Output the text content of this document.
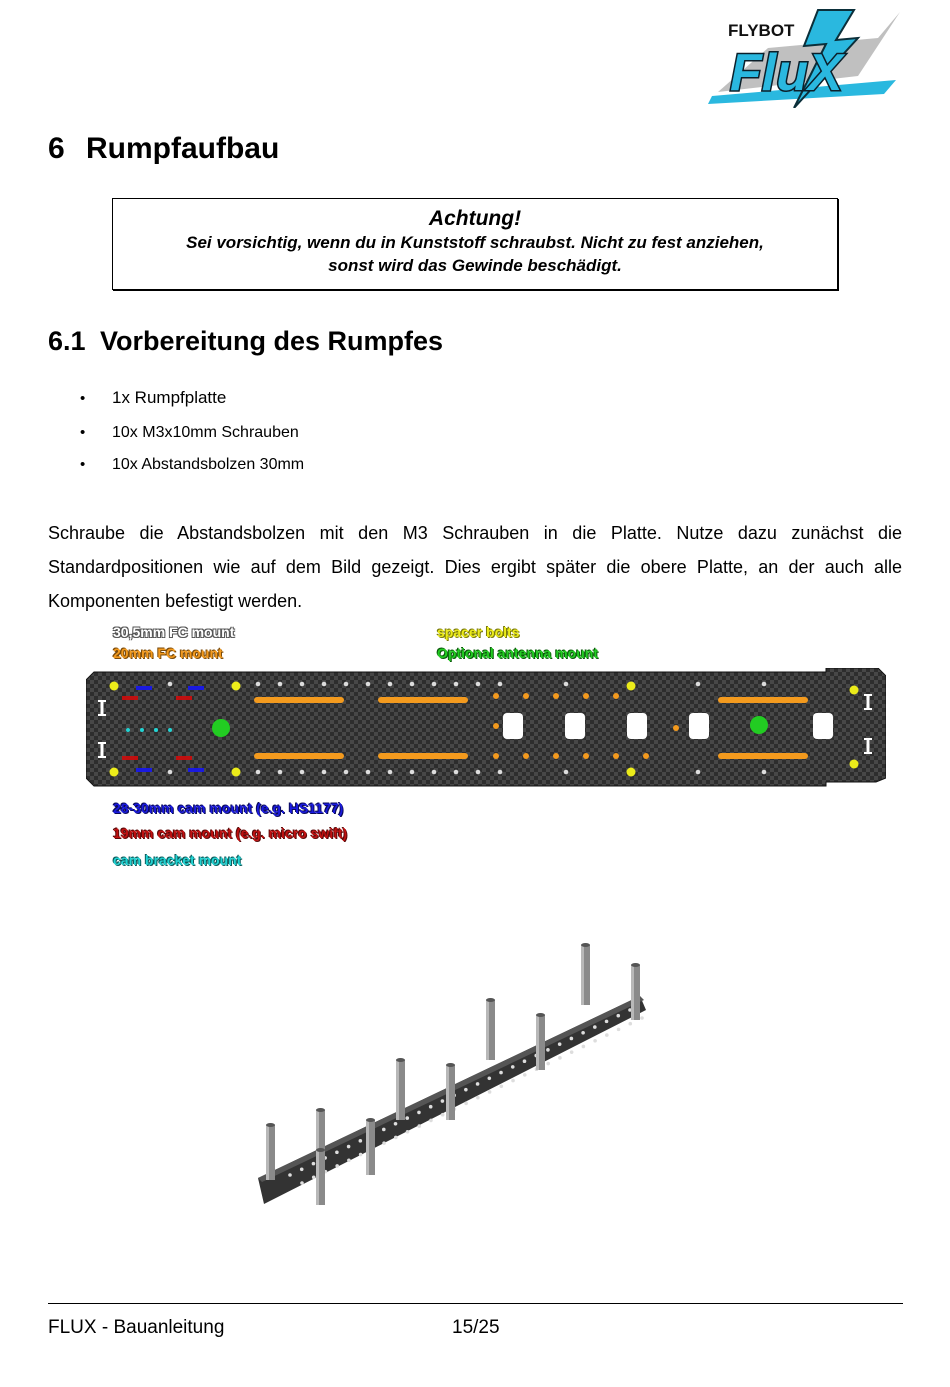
FLYBOT
FluX
6 Rumpfaufbau
Achtung!
Sei vorsichtig, wenn du in Kunststoff schraubst. Nicht zu fest anziehen,
sonst wird das Gewinde beschädigt.
6.1 Vorbereitung des Rumpfes
• 1x Rumpfplatte
• 10x M3x10mm Schrauben
• 10x Abstandsbolzen 30mm
Schraube die Abstandsbolzen mit den M3 Schrauben in die Platte. Nutze dazu zunächst die Standardpositionen wie auf dem Bild gezeigt. Dies ergibt später die obere Platte, an der auch alle Komponenten befestigt werden.
30,5mm FC mount
20mm FC mount
spacer bolts
Optional antenna mount
28-30mm cam mount (e.g. HS1177)
19mm cam mount (e.g. micro swift)
cam bracket mount
FLUX - Bauanleitung	15/25
